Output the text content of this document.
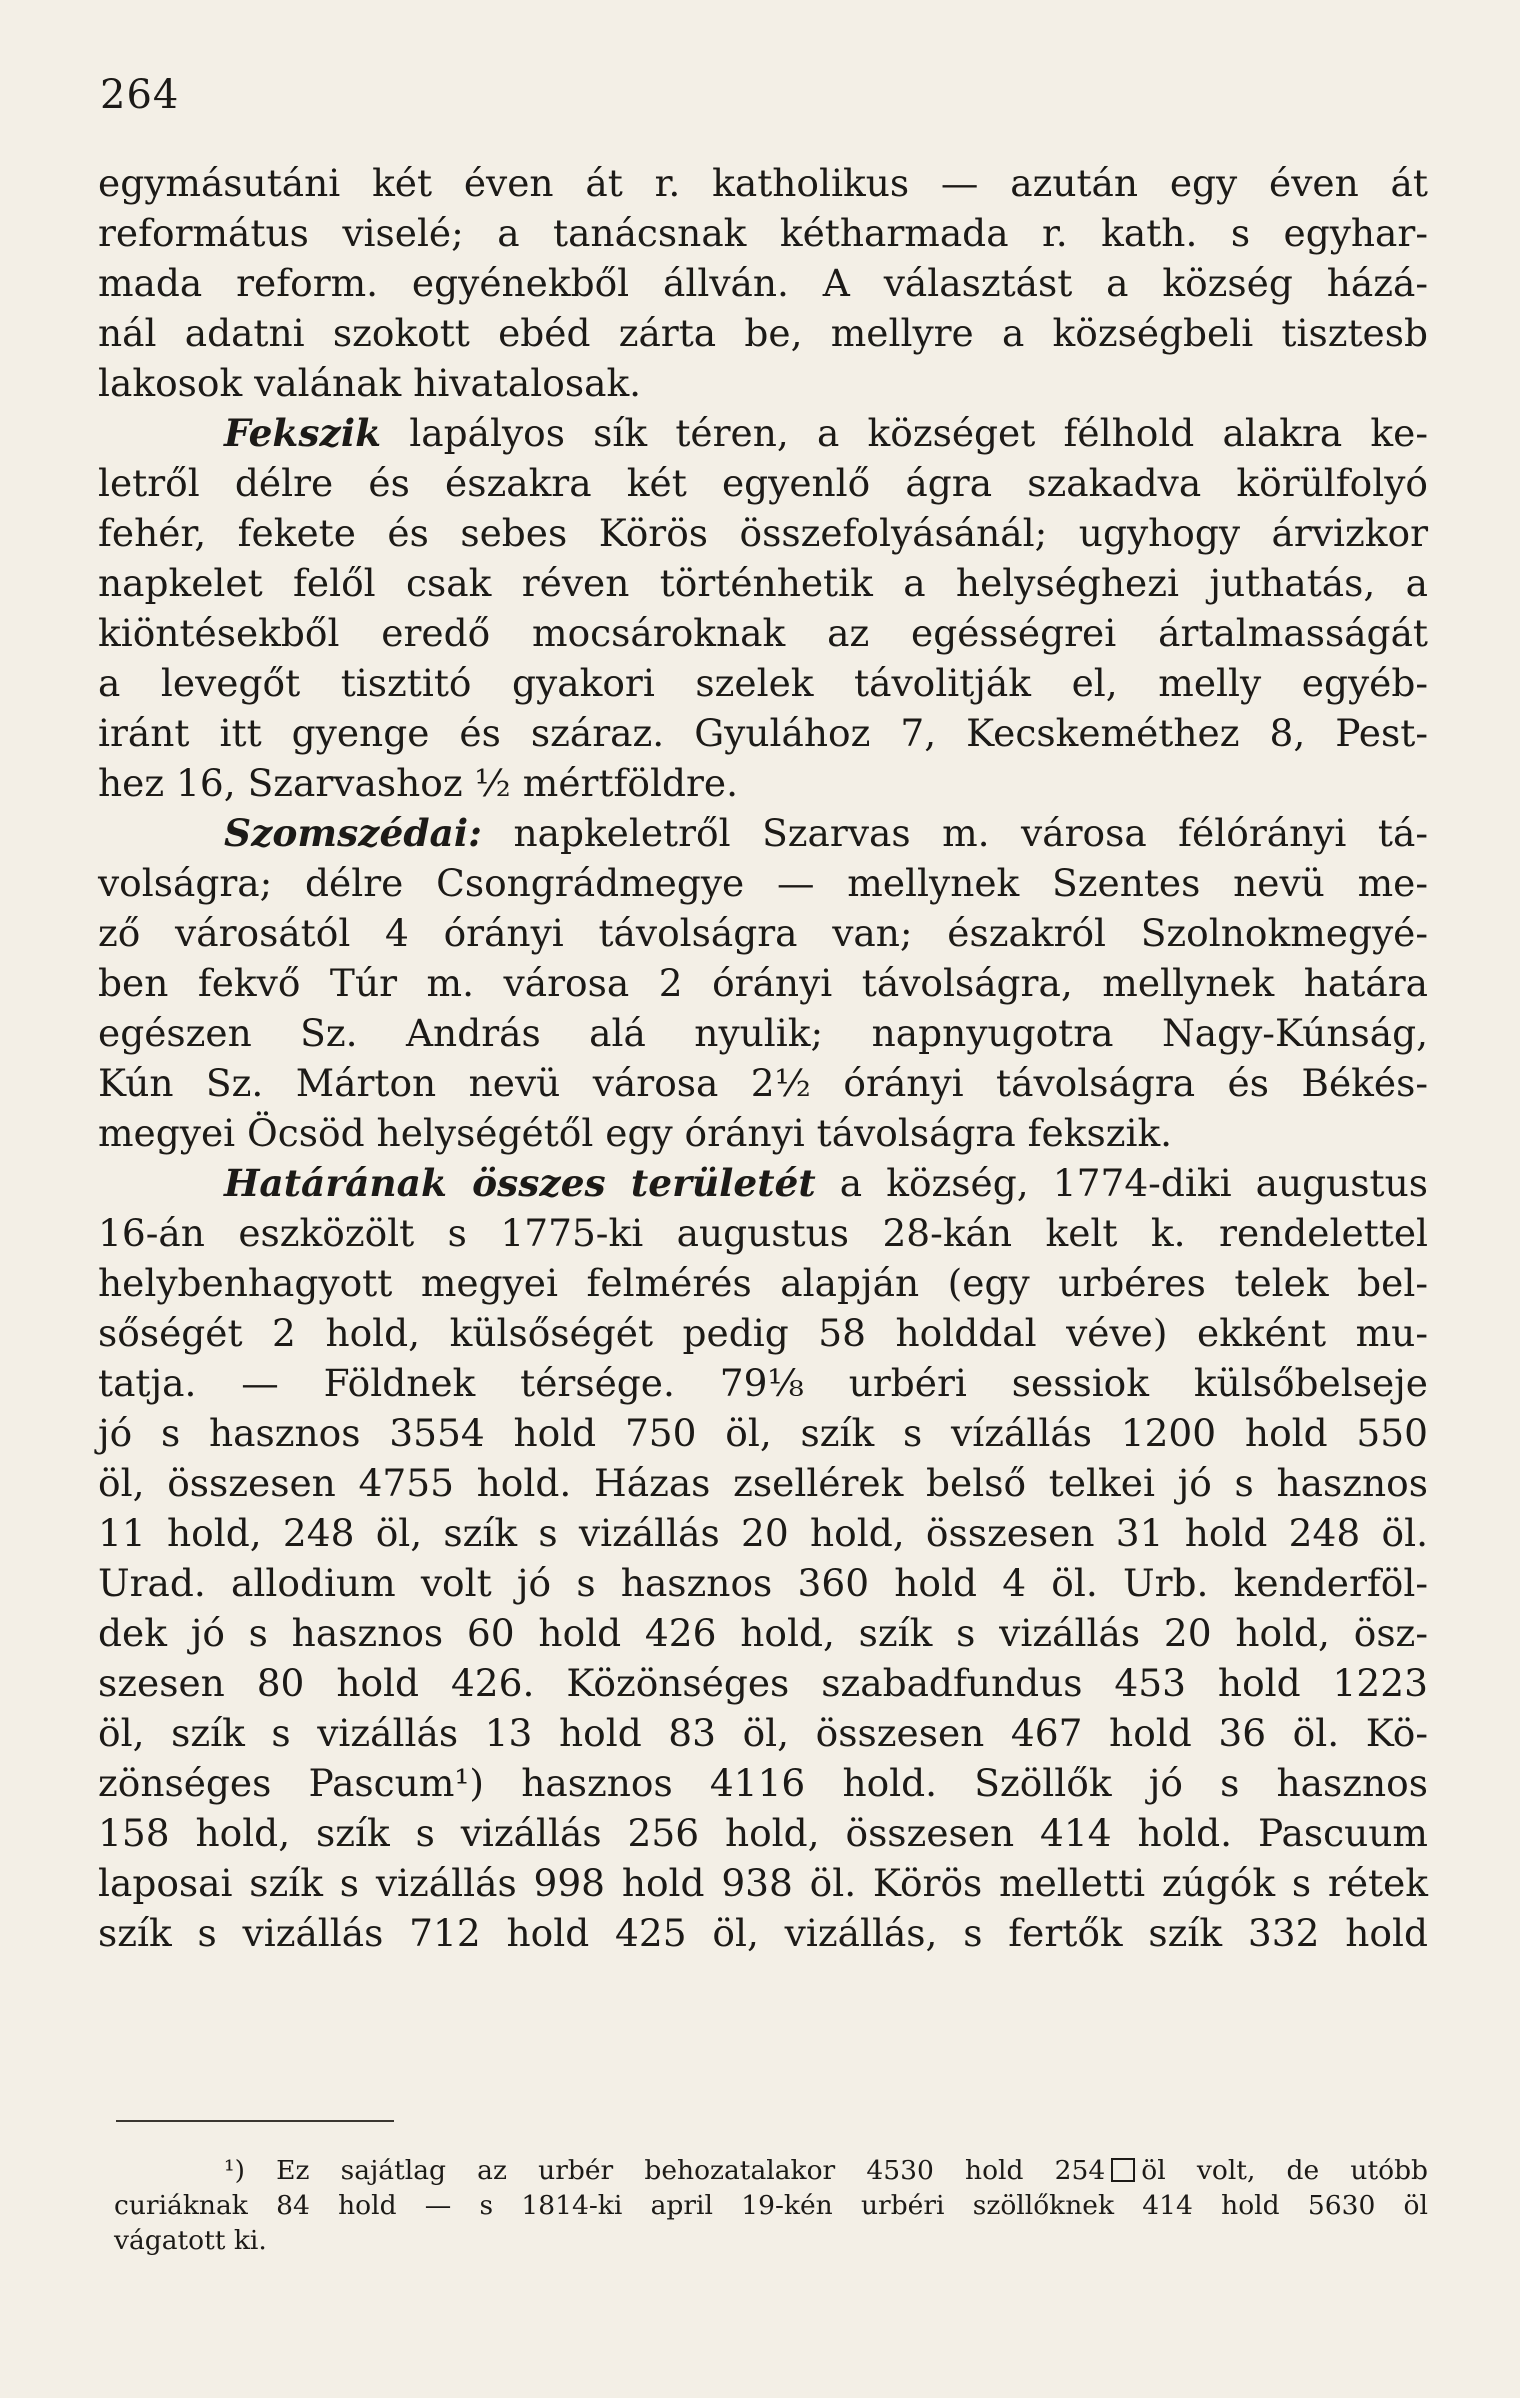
264
egymásutáni két éven át r. katholikus — azután egy éven át
református viselé; a tanácsnak kétharmada r. kath. s egyhar-
mada reform. egyénekből állván. A választást a község házá-
nál adatni szokott ebéd zárta be, mellyre a községbeli tisztesb
lakosok valának hivatalosak.
Fekszik lapályos sík téren, a községet félhold alakra ke-
letről délre és északra két egyenlő ágra szakadva körülfolyó
fehér, fekete és sebes Körös összefolyásánál; ugyhogy árvizkor
napkelet felől csak réven történhetik a helységhezi juthatás, a
kiöntésekből eredő mocsároknak az egésségrei ártalmasságát
a levegőt tisztitó gyakori szelek távolitják el, melly egyéb-
iránt itt gyenge és száraz. Gyulához 7, Kecskeméthez 8, Pest-
hez 16, Szarvashoz ½ mértföldre.
Szomszédai: napkeletről Szarvas m. városa félórányi tá-
volságra; délre Csongrádmegye — mellynek Szentes nevü me-
ző városától 4 órányi távolságra van; északról Szolnokmegyé-
ben fekvő Túr m. városa 2 órányi távolságra, mellynek határa
egészen Sz. András alá nyulik; napnyugotra Nagy-Kúnság,
Kún Sz. Márton nevü városa 2½ órányi távolságra és Békés-
megyei Öcsöd helységétől egy órányi távolságra fekszik.
Határának összes területét a község, 1774-diki augustus
16-án eszközölt s 1775-ki augustus 28-kán kelt k. rendelettel
helybenhagyott megyei felmérés alapján (egy urbéres telek bel-
sőségét 2 hold, külsőségét pedig 58 holddal véve) ekként mu-
tatja. — Földnek térsége. 79⅛ urbéri sessiok külsőbelseje
jó s hasznos 3554 hold 750 öl, szík s vízállás 1200 hold 550
öl, összesen 4755 hold. Házas zsellérek belső telkei jó s hasznos
11 hold, 248 öl, szík s vizállás 20 hold, összesen 31 hold 248 öl.
Urad. allodium volt jó s hasznos 360 hold 4 öl. Urb. kenderföl-
dek jó s hasznos 60 hold 426 hold, szík s vizállás 20 hold, ösz-
szesen 80 hold 426. Közönséges szabadfundus 453 hold 1223
öl, szík s vizállás 13 hold 83 öl, összesen 467 hold 36 öl. Kö-
zönséges Pascum¹) hasznos 4116 hold. Szöllők jó s hasznos
158 hold, szík s vizállás 256 hold, összesen 414 hold. Pascuum
laposai szík s vizállás 998 hold 938 öl. Körös melletti zúgók s rétek
szík s vizállás 712 hold 425 öl, vizállás, s fertők szík 332 hold
¹) Ez sajátlag az urbér behozatalakor 4530 hold 254 öl volt, de utóbb
curiáknak 84 hold — s 1814-ki april 19-kén urbéri szöllőknek 414 hold 5630 öl
vágatott ki.
